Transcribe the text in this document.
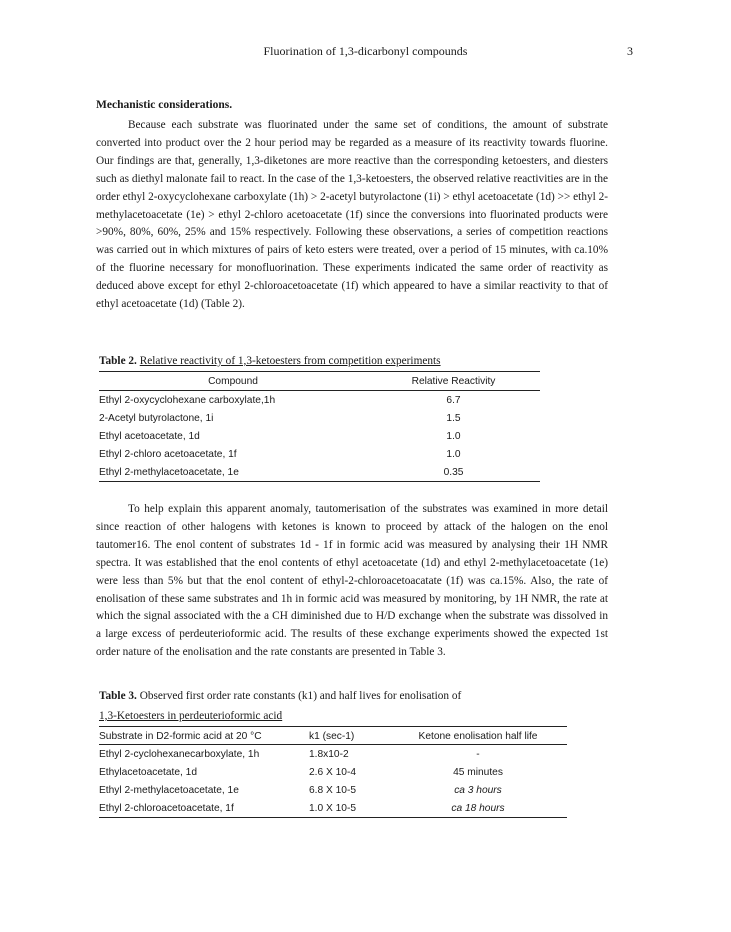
Fluorination of 1,3-dicarbonyl compounds	3
Mechanistic considerations.
Because each substrate was fluorinated under the same set of conditions, the amount of substrate converted into product over the 2 hour period may be regarded as a measure of its reactivity towards fluorine. Our findings are that, generally, 1,3-diketones are more reactive than the corresponding ketoesters, and diesters such as diethyl malonate fail to react. In the case of the 1,3-ketoesters, the observed relative reactivities are in the order ethyl 2-oxycyclohexane carboxylate (1h) > 2-acetyl butyrolactone (1i) > ethyl acetoacetate (1d) >> ethyl 2-methylacetoacetate (1e) > ethyl 2-chloro acetoacetate (1f) since the conversions into fluorinated products were >90%, 80%, 60%, 25% and 15% respectively. Following these observations, a series of competition reactions was carried out in which mixtures of pairs of keto esters were treated, over a period of 15 minutes, with ca.10% of the fluorine necessary for monofluorination. These experiments indicated the same order of reactivity as deduced above except for ethyl 2-chloroacetoacetate (1f) which appeared to have a similar reactivity to that of ethyl acetoacetate (1d) (Table 2).
Table 2. Relative reactivity of 1,3-ketoesters from competition experiments
Compound	Relative Reactivity
Ethyl 2-oxycyclohexane carboxylate,1h	6.7
2-Acetyl butyrolactone, 1i	1.5
Ethyl acetoacetate, 1d	1.0
Ethyl 2-chloro acetoacetate, 1f	1.0
Ethyl 2-methylacetoacetate, 1e	0.35
To help explain this apparent anomaly, tautomerisation of the substrates was examined in more detail since reaction of other halogens with ketones is known to proceed by attack of the halogen on the enol tautomer16. The enol content of substrates 1d - 1f in formic acid was measured by analysing their 1H NMR spectra. It was established that the enol contents of ethyl acetoacetate (1d) and ethyl 2-methylacetoacetate (1e) were less than 5% but that the enol content of ethyl-2-chloroacetoacatate (1f) was ca.15%. Also, the rate of enolisation of these same substrates and 1h in formic acid was measured by monitoring, by 1H NMR, the rate at which the signal associated with the a CH diminished due to H/D exchange when the substrate was dissolved in a large excess of perdeuterioformic acid. The results of these exchange experiments showed the expected 1st order nature of the enolisation and the rate constants are presented in Table 3.
Table 3. Observed first order rate constants (k1) and half lives for enolisation of
1,3-Ketoesters in perdeuterioformic acid
Substrate in D2-formic acid at 20 °C	k1 (sec-1)	Ketone enolisation half life
Ethyl 2-cyclohexanecarboxylate, 1h	1.8x10-2	-
Ethylacetoacetate, 1d	2.6 X 10-4	45 minutes
Ethyl 2-methylacetoacetate, 1e	6.8 X 10-5	ca 3 hours
Ethyl 2-chloroacetoacetate, 1f	1.0 X 10-5	ca 18 hours
